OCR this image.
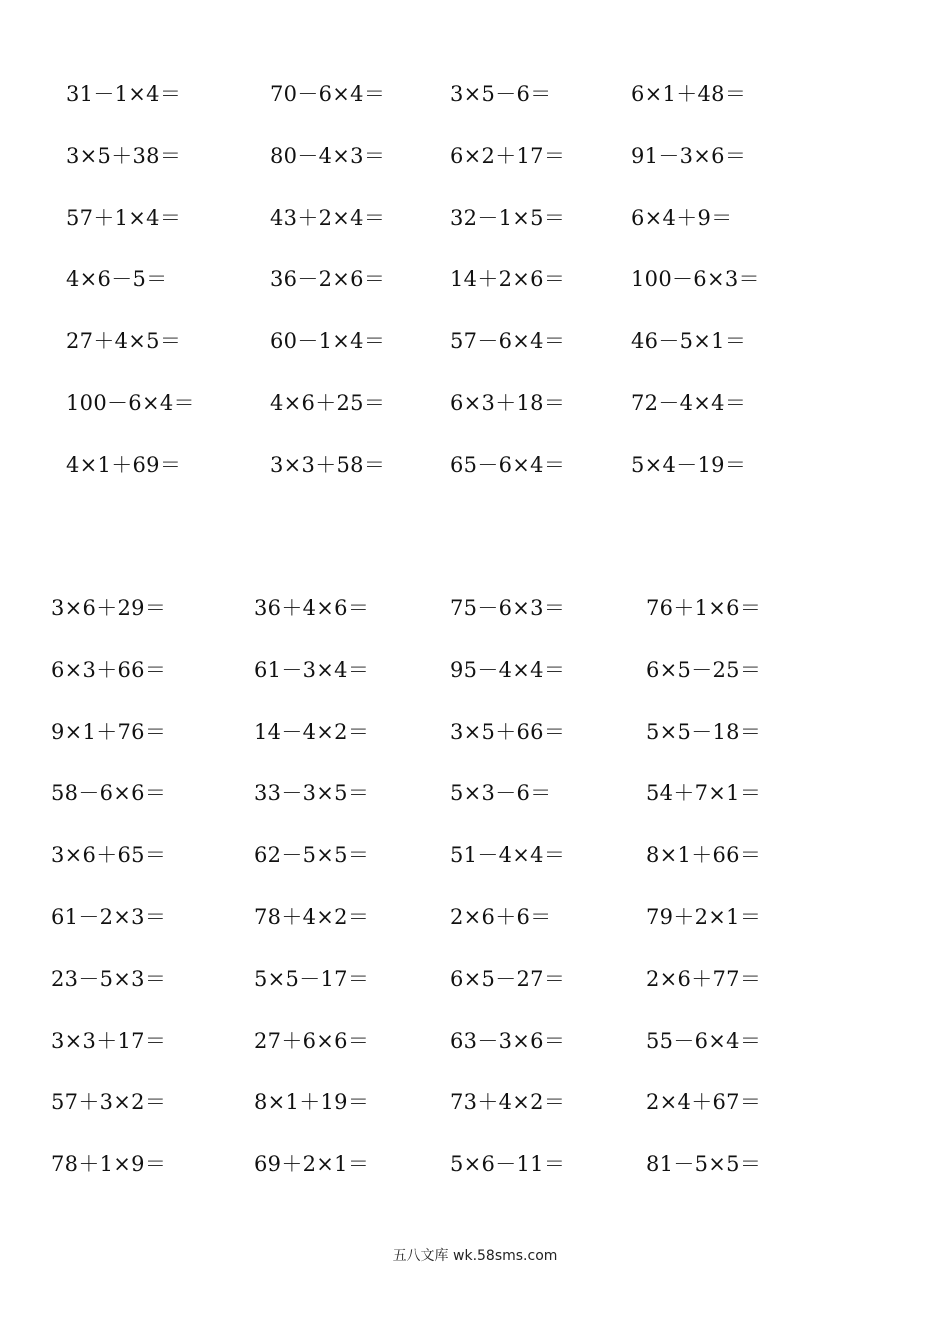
31－1×4＝	70－6×4＝	3×5－6＝	6×1＋48＝
3×5＋38＝	80－4×3＝	6×2＋17＝	91－3×6＝
57＋1×4＝	43＋2×4＝	32－1×5＝	6×4＋9＝
4×6－5＝	36－2×6＝	14＋2×6＝	100－6×3＝
27＋4×5＝	60－1×4＝	57－6×4＝	46－5×1＝
100－6×4＝	4×6＋25＝	6×3＋18＝	72－4×4＝
4×1＋69＝	3×3＋58＝	65－6×4＝	5×4－19＝
3×6＋29＝	36＋4×6＝	75－6×3＝	76＋1×6＝
6×3＋66＝	61－3×4＝	95－4×4＝	6×5－25＝
9×1＋76＝	14－4×2＝	3×5＋66＝	5×5－18＝
58－6×6＝	33－3×5＝	5×3－6＝	54＋7×1＝
3×6＋65＝	62－5×5＝	51－4×4＝	8×1＋66＝
61－2×3＝	78＋4×2＝	2×6＋6＝	79＋2×1＝
23－5×3＝	5×5－17＝	6×5－27＝	2×6＋77＝
3×3＋17＝	27＋6×6＝	63－3×6＝	55－6×4＝
57＋3×2＝	8×1＋19＝	73＋4×2＝	2×4＋67＝
78＋1×9＝	69＋2×1＝	5×6－11＝	81－5×5＝
五八文库 wk.58sms.com
